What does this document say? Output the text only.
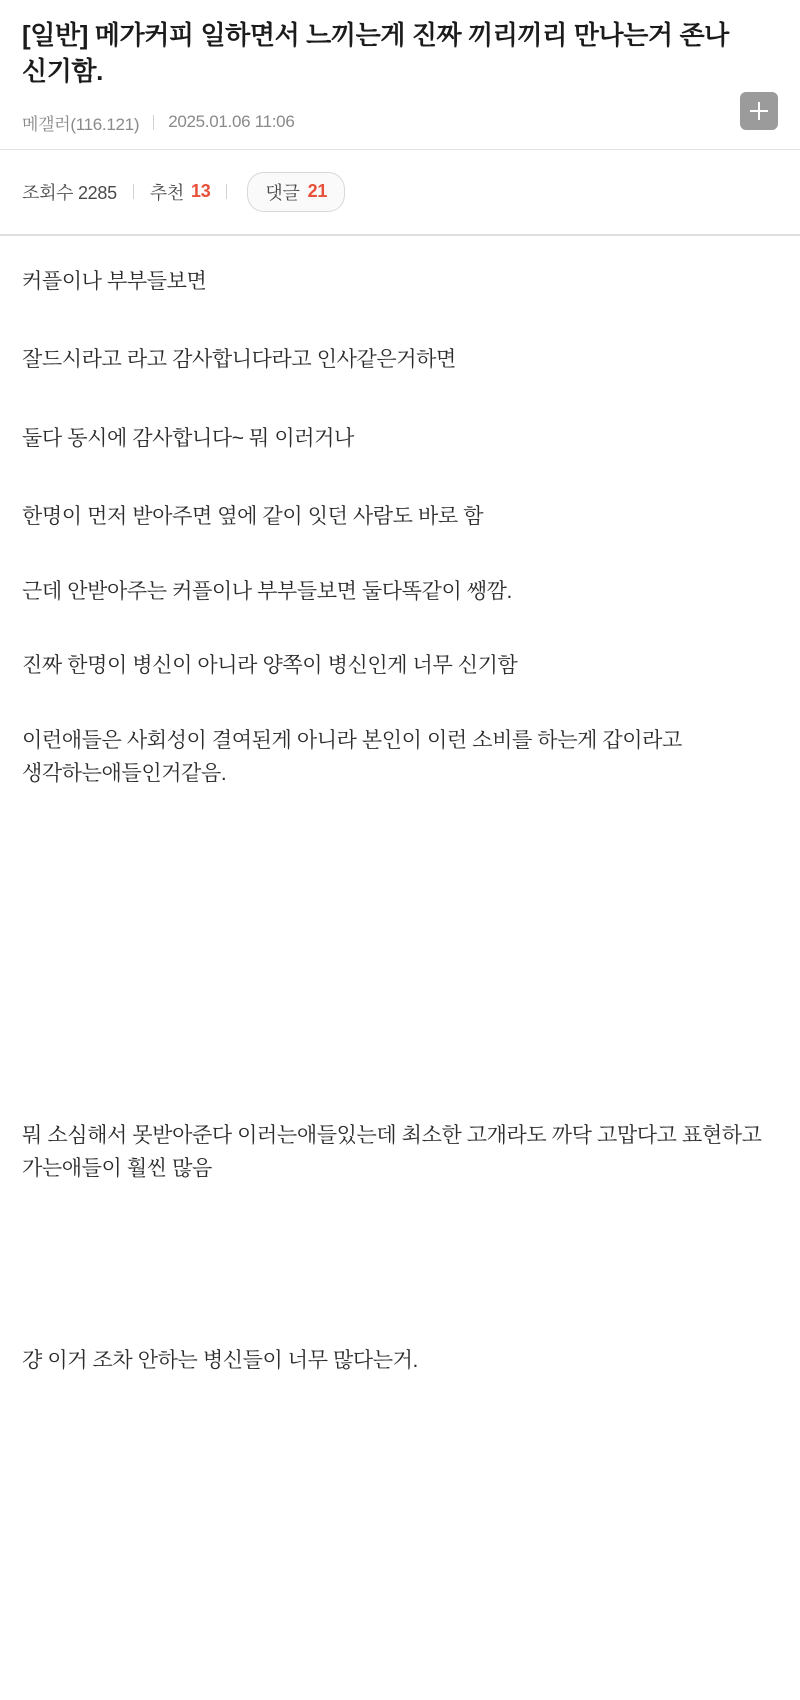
[일반] 메가커피 일하면서 느끼는게 진짜 끼리끼리 만나는거 존나 신기함.
메갤러(116.121) 2025.01.06 11:06
조회수 2285 추천 13	댓글 21

커플이나 부부들보면

잘드시라고 라고 감사합니다라고 인사같은거하면

둘다 동시에 감사합니다~ 뭐 이러거나

한명이 먼저 받아주면 옆에 같이 잇던 사람도 바로 함

근데 안받아주는 커플이나 부부들보면 둘다똑같이 쌩깜.

진짜 한명이 병신이 아니라 양쪽이 병신인게 너무 신기함

이런애들은 사회성이 결여된게 아니라 본인이 이런 소비를 하는게 갑이라고 생각하는애들인거같음.

뭐 소심해서 못받아준다 이러는애들있는데 최소한 고개라도 까닥 고맙다고 표현하고 가는애들이 훨씬 많음

걍 이거 조차 안하는 병신들이 너무 많다는거.
